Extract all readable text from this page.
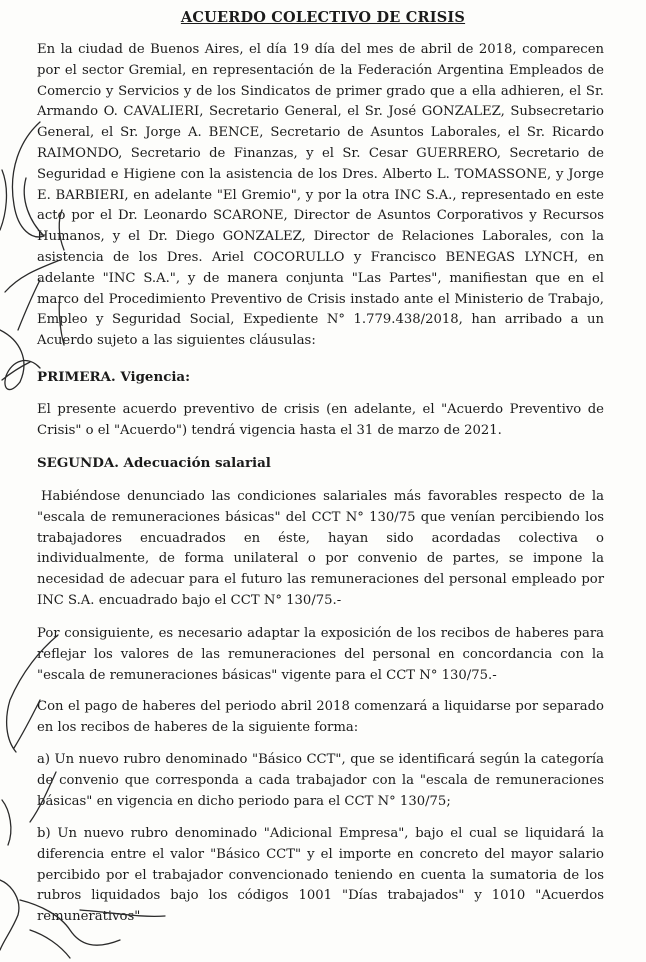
ACUERDO COLECTIVO DE CRISIS
En la ciudad de Buenos Aires, el día 19 día del mes de abril de 2018, comparecen por el sector Gremial, en representación de la Federación Argentina Empleados de Comercio y Servicios y de los Sindicatos de primer grado que a ella adhieren, el Sr. Armando O. CAVALIERI, Secretario General, el Sr. José GONZALEZ, Subsecretario General, el Sr. Jorge A. BENCE, Secretario de Asuntos Laborales, el Sr. Ricardo RAIMONDO, Secretario de Finanzas, y el Sr. Cesar GUERRERO, Secretario de Seguridad e Higiene con la asistencia de los Dres. Alberto L. TOMASSONE, y Jorge E. BARBIERI, en adelante "El Gremio", y por la otra INC S.A., representado en este acto por el Dr. Leonardo SCARONE, Director de Asuntos Corporativos y Recursos Humanos, y el Dr. Diego GONZALEZ, Director de Relaciones Laborales, con la asistencia de los Dres. Ariel COCORULLO y Francisco BENEGAS LYNCH, en adelante "INC S.A.", y de manera conjunta "Las Partes", manifiestan que en el marco del Procedimiento Preventivo de Crisis instado ante el Ministerio de Trabajo, Empleo y Seguridad Social, Expediente N° 1.779.438/2018, han arribado a un Acuerdo sujeto a las siguientes cláusulas:
PRIMERA. Vigencia:
El presente acuerdo preventivo de crisis (en adelante, el "Acuerdo Preventivo de Crisis" o el "Acuerdo") tendrá vigencia hasta el 31 de marzo de 2021.
SEGUNDA. Adecuación salarial
Habiéndose denunciado las condiciones salariales más favorables respecto de la "escala de remuneraciones básicas" del CCT N° 130/75 que venían percibiendo los trabajadores encuadrados en éste, hayan sido acordadas colectiva o individualmente, de forma unilateral o por convenio de partes, se impone la necesidad de adecuar para el futuro las remuneraciones del personal empleado por INC S.A. encuadrado bajo el CCT N° 130/75.-
Por consiguiente, es necesario adaptar la exposición de los recibos de haberes para reflejar los valores de las remuneraciones del personal en concordancia con la "escala de remuneraciones básicas" vigente para el CCT N° 130/75.-
Con el pago de haberes del periodo abril 2018 comenzará a liquidarse por separado en los recibos de haberes de la siguiente forma:
a) Un nuevo rubro denominado "Básico CCT", que se identificará según la categoría de convenio que corresponda a cada trabajador con la "escala de remuneraciones básicas" en vigencia en dicho periodo para el CCT N° 130/75;
b) Un nuevo rubro denominado "Adicional Empresa", bajo el cual se liquidará la diferencia entre el valor "Básico CCT" y el importe en concreto del mayor salario percibido por el trabajador convencionado teniendo en cuenta la sumatoria de los rubros liquidados bajo los códigos 1001 "Días trabajados" y 1010 "Acuerdos remunerativos"
